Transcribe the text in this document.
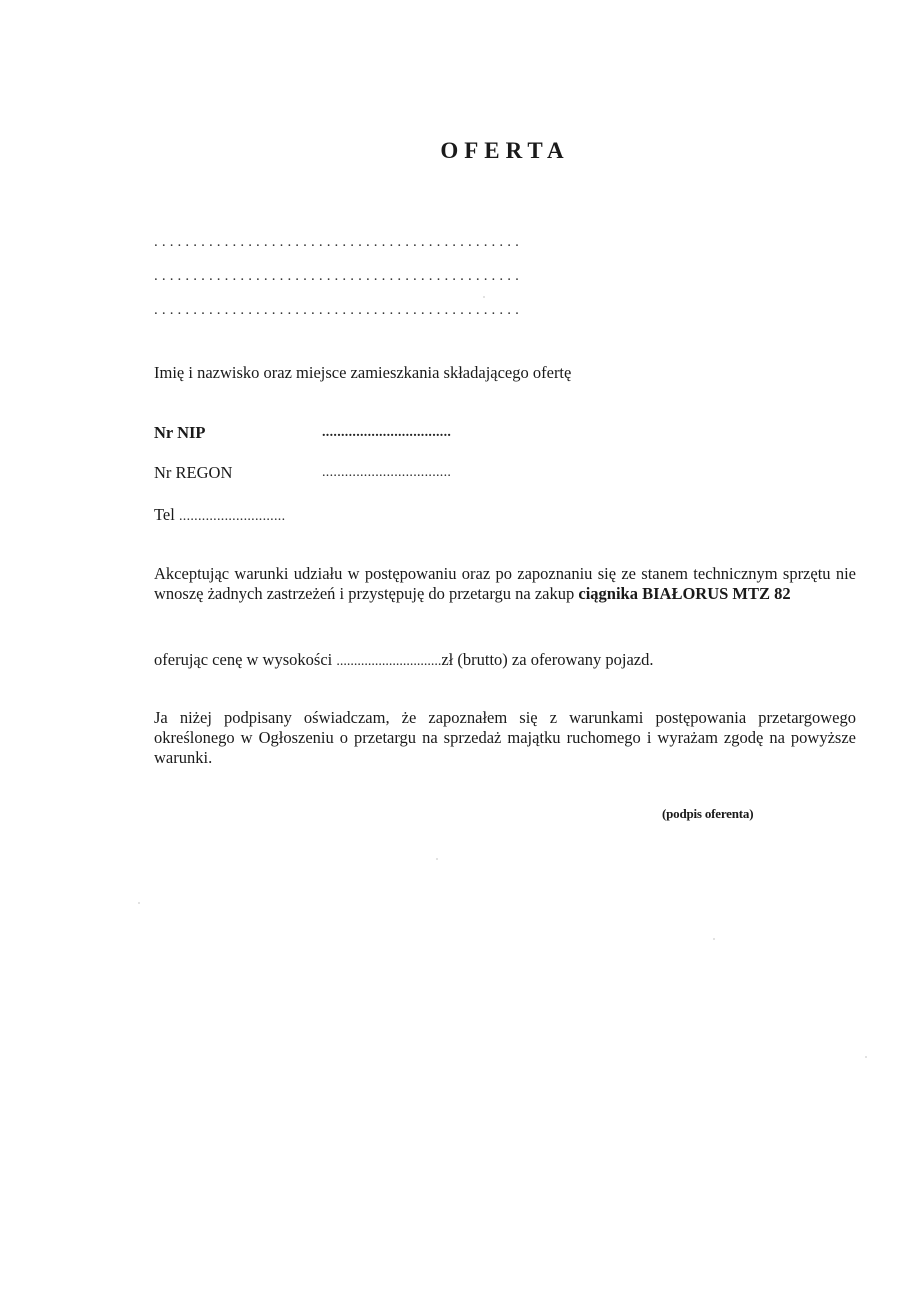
OFERTA
...............................................
...............................................
...............................................
Imię i nazwisko oraz miejsce zamieszkania składającego ofertę
Nr NIP	..................................
Nr REGON	..................................
Tel ............................
Akceptując warunki udziału w postępowaniu oraz po zapoznaniu się ze stanem technicznym sprzętu nie wnoszę żadnych zastrzeżeń i przystępuję do przetargu na zakup ciągnika BIAŁORUS MTZ 82
oferując cenę w wysokości ..............................zł (brutto) za oferowany pojazd.
Ja niżej podpisany oświadczam, że zapoznałem się z warunkami postępowania przetargowego określonego w Ogłoszeniu o przetargu na sprzedaż majątku ruchomego i wyrażam zgodę na powyższe warunki.
(podpis oferenta)
